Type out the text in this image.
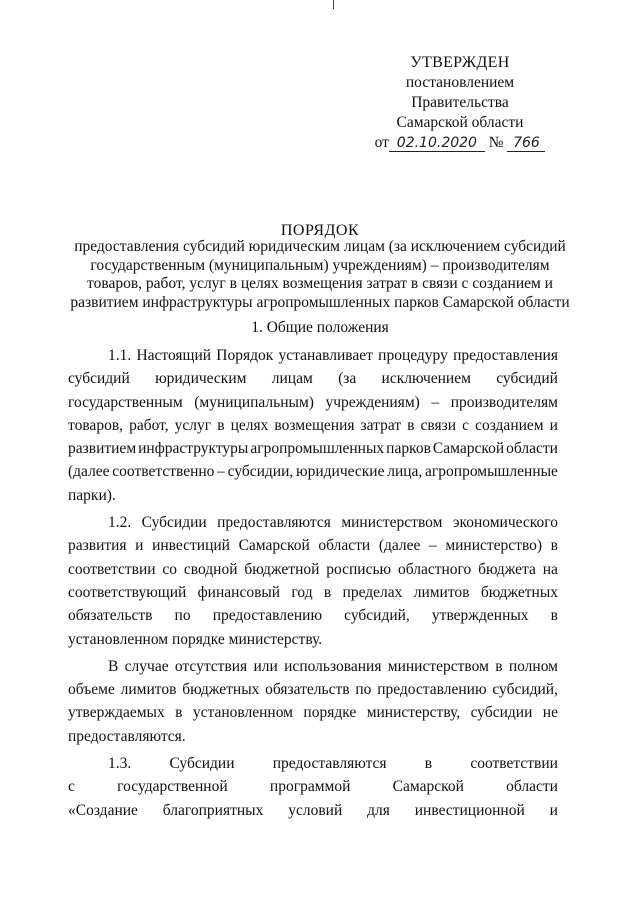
УТВЕРЖДЕН
постановлением Правительства
Самарской области
от 02.10.2020 № 766
ПОРЯДОК
предоставления субсидий юридическим лицам (за исключением субсидий
государственным (муниципальным) учреждениям) – производителям
товаров, работ, услуг в целях возмещения затрат в связи с созданием и
развитием инфраструктуры агропромышленных парков Самарской области
1. Общие положения
1.1. Настоящий Порядок устанавливает процедуру предоставления
субсидий юридическим лицам (за исключением субсидий
государственным (муниципальным) учреждениям) – производителям
товаров, работ, услуг в целях возмещения затрат в связи с созданием и
развитием инфраструктуры агропромышленных парков Самарской области
(далее соответственно – субсидии, юридические лица, агропромышленные
парки).
1.2. Субсидии предоставляются министерством экономического
развития и инвестиций Самарской области (далее – министерство) в
соответствии со сводной бюджетной росписью областного бюджета на
соответствующий финансовый год в пределах лимитов бюджетных
обязательств по предоставлению субсидий, утвержденных в
установленном порядке министерству.
В случае отсутствия или использования министерством в полном
объеме лимитов бюджетных обязательств по предоставлению субсидий,
утверждаемых в установленном порядке министерству, субсидии не
предоставляются.
1.3. Субсидии предоставляются в соответствии
с	государственной	программой	Самарской	области
«Создание благоприятных условий для инвестиционной и
